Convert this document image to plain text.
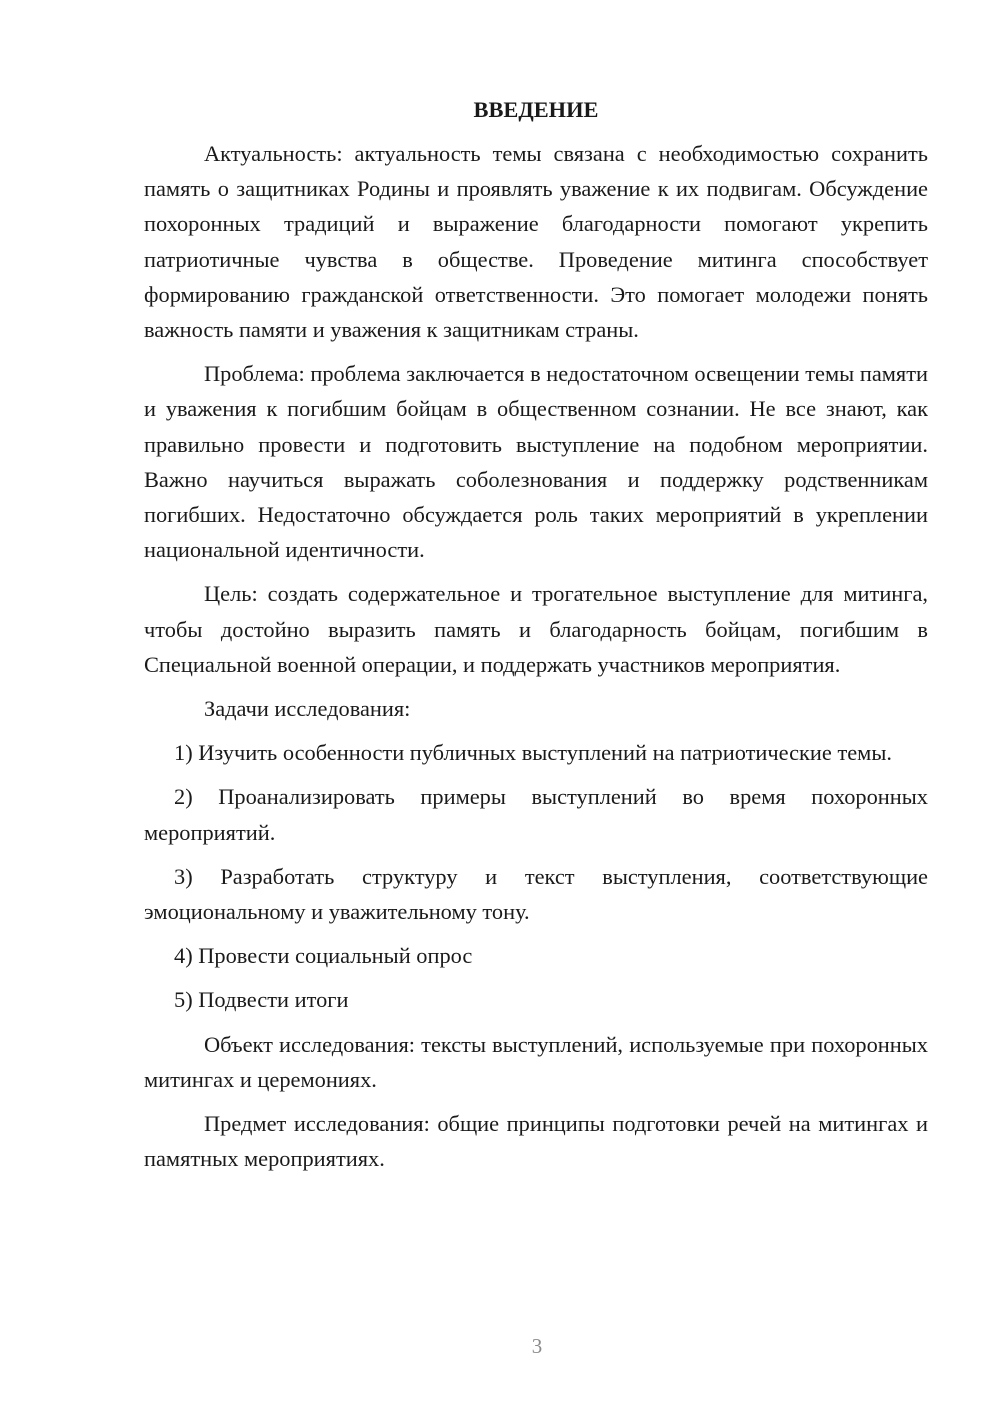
ВВЕДЕНИЕ

Актуальность: актуальность темы связана с необходимостью сохранить память о защитниках Родины и проявлять уважение к их подвигам. Обсуждение похоронных традиций и выражение благодарности помогают укрепить патриотичные чувства в обществе. Проведение митинга способствует формированию гражданской ответственности. Это помогает молодежи понять важность памяти и уважения к защитникам страны.

Проблема: проблема заключается в недостаточном освещении темы памяти и уважения к погибшим бойцам в общественном сознании. Не все знают, как правильно провести и подготовить выступление на подобном мероприятии. Важно научиться выражать соболезнования и поддержку родственникам погибших. Недостаточно обсуждается роль таких мероприятий в укреплении национальной идентичности.

Цель: создать содержательное и трогательное выступление для митинга, чтобы достойно выразить память и благодарность бойцам, погибшим в Специальной военной операции, и поддержать участников мероприятия.

Задачи исследования:

1) Изучить особенности публичных выступлений на патриотические темы.

2) Проанализировать примеры выступлений во время похоронных мероприятий.

3) Разработать структуру и текст выступления, соответствующие эмоциональному и уважительному тону.

4) Провести социальный опрос

5) Подвести итоги

Объект исследования: тексты выступлений, используемые при похоронных митингах и церемониях.

Предмет исследования: общие принципы подготовки речей на митингах и памятных мероприятиях.

3
